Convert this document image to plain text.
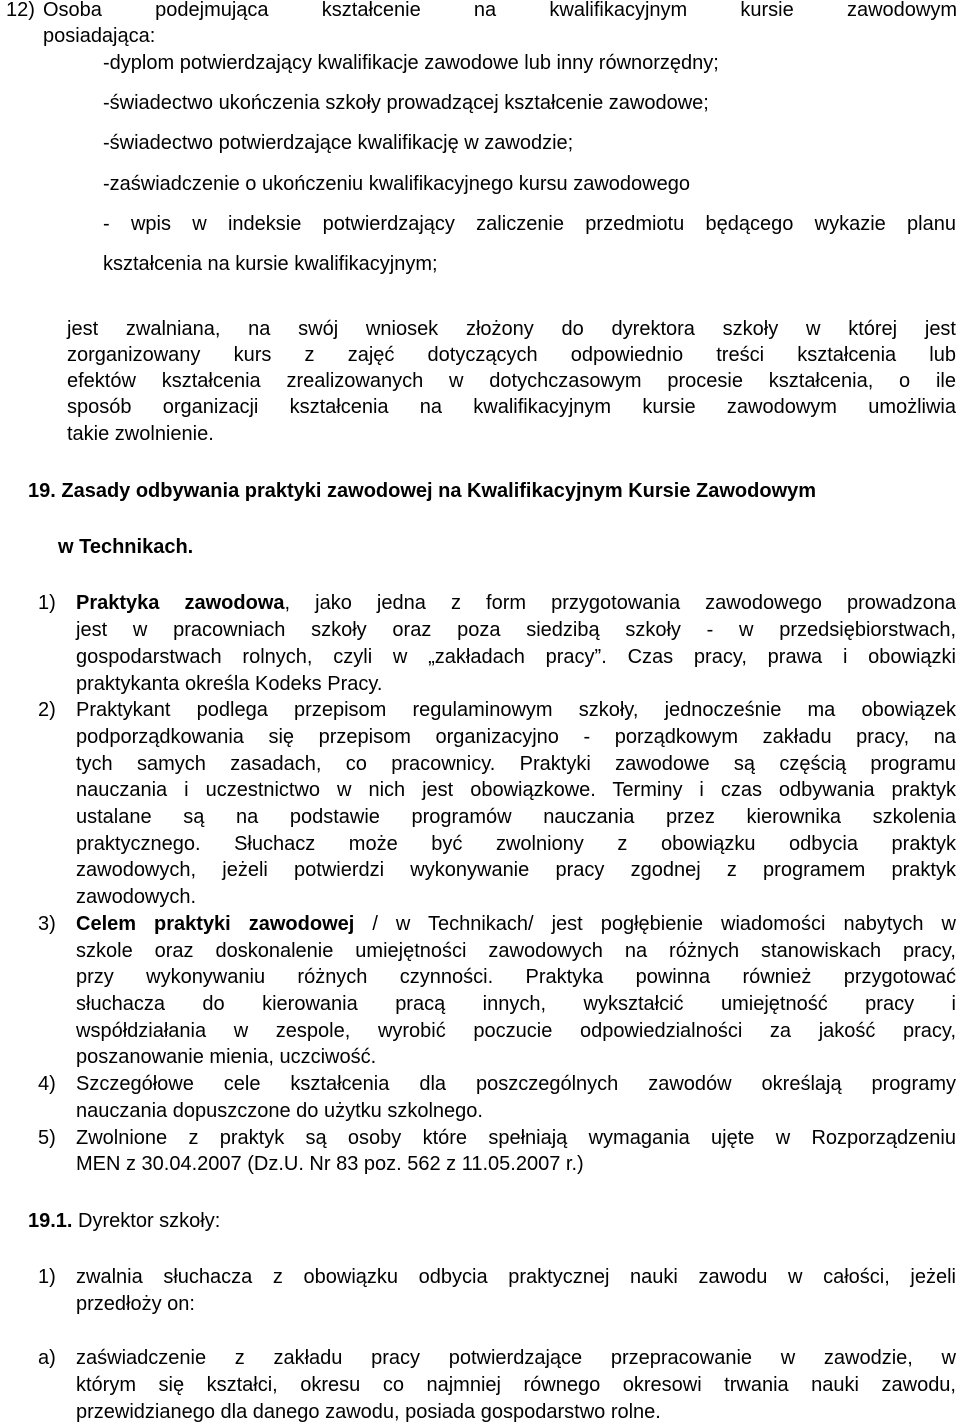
12) Osoba podejmująca kształcenie na kwalifikacyjnym kursie zawodowym
posiadająca:
-dyplom potwierdzający kwalifikacje zawodowe lub inny równorzędny;
-świadectwo ukończenia szkoły prowadzącej kształcenie zawodowe;
-świadectwo potwierdzające kwalifikację w zawodzie;
-zaświadczenie o ukończeniu kwalifikacyjnego kursu zawodowego
- wpis w indeksie potwierdzający zaliczenie przedmiotu będącego wykazie planu
kształcenia na kursie kwalifikacyjnym;
jest zwalniana, na swój wniosek złożony do dyrektora szkoły w której jest
zorganizowany kurs z zajęć dotyczących odpowiednio treści kształcenia lub
efektów kształcenia zrealizowanych w dotychczasowym procesie kształcenia, o ile
sposób organizacji kształcenia na kwalifikacyjnym kursie zawodowym umożliwia
takie zwolnienie.
19. Zasady odbywania praktyki zawodowej na Kwalifikacyjnym Kursie Zawodowym
w Technikach.
1) Praktyka zawodowa, jako jedna z form przygotowania zawodowego prowadzona
jest w pracowniach szkoły oraz poza siedzibą szkoły - w przedsiębiorstwach,
gospodarstwach rolnych, czyli w „zakładach pracy”. Czas pracy, prawa i obowiązki
praktykanta określa Kodeks Pracy.
2) Praktykant podlega przepisom regulaminowym szkoły, jednocześnie ma obowiązek
podporządkowania się przepisom organizacyjno - porządkowym zakładu pracy, na
tych samych zasadach, co pracownicy. Praktyki zawodowe są częścią programu
nauczania i uczestnictwo w nich jest obowiązkowe. Terminy i czas odbywania praktyk
ustalane są na podstawie programów nauczania przez kierownika szkolenia
praktycznego. Słuchacz może być zwolniony z obowiązku odbycia praktyk
zawodowych, jeżeli potwierdzi wykonywanie pracy zgodnej z programem praktyk
zawodowych.
3) Celem praktyki zawodowej / w Technikach/ jest pogłębienie wiadomości nabytych w
szkole oraz doskonalenie umiejętności zawodowych na różnych stanowiskach pracy,
przy wykonywaniu różnych czynności. Praktyka powinna również przygotować
słuchacza do kierowania pracą innych, wykształcić umiejętność pracy i
współdziałania w zespole, wyrobić poczucie odpowiedzialności za jakość pracy,
poszanowanie mienia, uczciwość.
4) Szczegółowe cele kształcenia dla poszczególnych zawodów określają programy
nauczania dopuszczone do użytku szkolnego.
5) Zwolnione z praktyk są osoby które spełniają wymagania ujęte w Rozporządzeniu
MEN z 30.04.2007 (Dz.U. Nr 83 poz. 562 z 11.05.2007 r.)
19.1. Dyrektor szkoły:
1) zwalnia słuchacza z obowiązku odbycia praktycznej nauki zawodu w całości, jeżeli
przedłoży on:
a) zaświadczenie z zakładu pracy potwierdzające przepracowanie w zawodzie, w
którym się kształci, okresu co najmniej równego okresowi trwania nauki zawodu,
przewidzianego dla danego zawodu, posiada gospodarstwo rolne.
